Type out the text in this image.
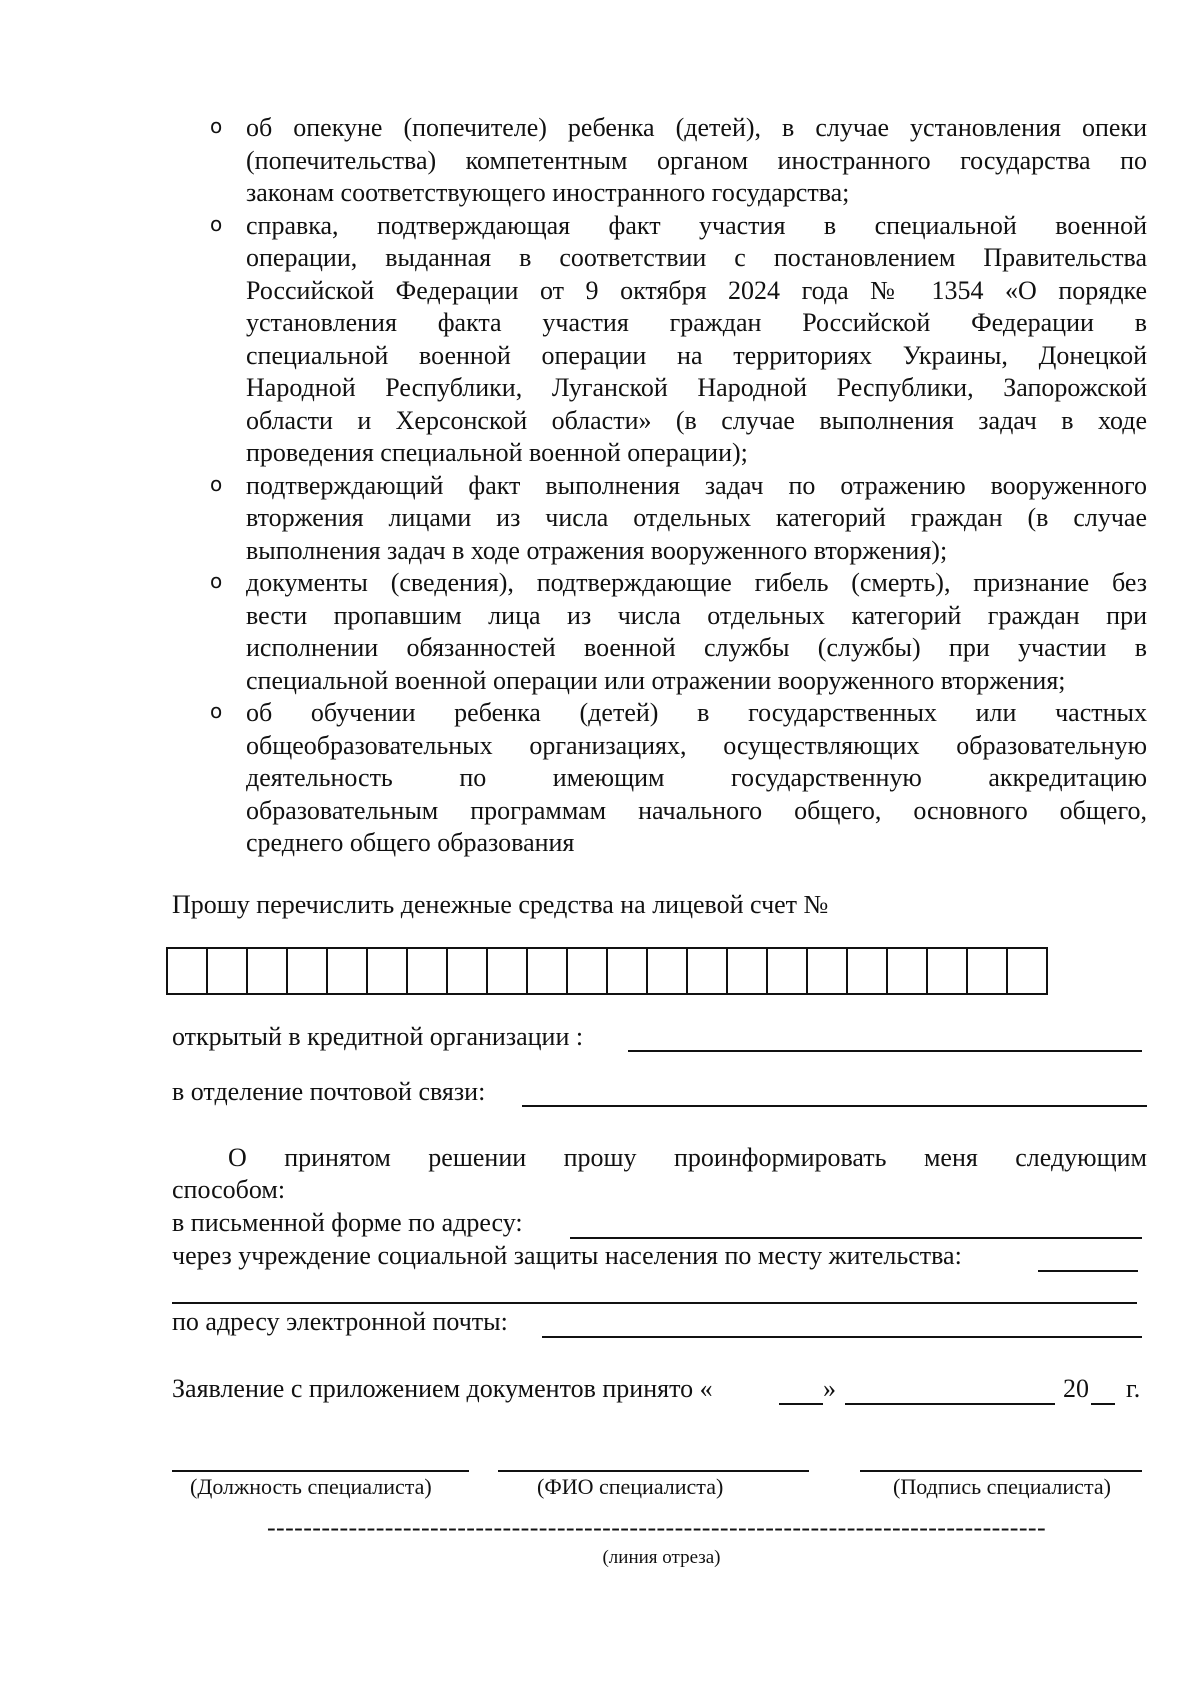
o об опекуне (попечителе) ребенка (детей), в случае установления опеки
(попечительства) компетентным органом иностранного государства по
законам соответствующего иностранного государства;
o справка, подтверждающая факт участия в специальной военной
операции, выданная в соответствии с постановлением Правительства
Российской Федерации от 9 октября 2024 года № 1354 «О порядке
установления факта участия граждан Российской Федерации в
специальной военной операции на территориях Украины, Донецкой
Народной Республики, Луганской Народной Республики, Запорожской
области и Херсонской области» (в случае выполнения задач в ходе
проведения специальной военной операции);
o подтверждающий факт выполнения задач по отражению вооруженного
вторжения лицами из числа отдельных категорий граждан (в случае
выполнения задач в ходе отражения вооруженного вторжения);
o документы (сведения), подтверждающие гибель (смерть), признание без
вести пропавшим лица из числа отдельных категорий граждан при
исполнении обязанностей военной службы (службы) при участии в
специальной военной операции или отражении вооруженного вторжения;
o об обучении ребенка (детей) в государственных или частных
общеобразовательных организациях, осуществляющих образовательную
деятельность по имеющим государственную аккредитацию
образовательным программам начального общего, основного общего,
среднего общего образования
Прошу перечислить денежные средства на лицевой счет №

открытый в кредитной организации :
в отделение почтовой связи:
О принятом решении прошу проинформировать меня следующим
способом:
в письменной форме по адресу:
через учреждение социальной защиты населения по месту жительства:
по адресу электронной почты:
Заявление с приложением документов принято «	»	20 г.
(Должность специалиста)	(ФИО специалиста)	(Подпись специалиста)
--------------------------------------------------------------------------------------
(линия отреза)
